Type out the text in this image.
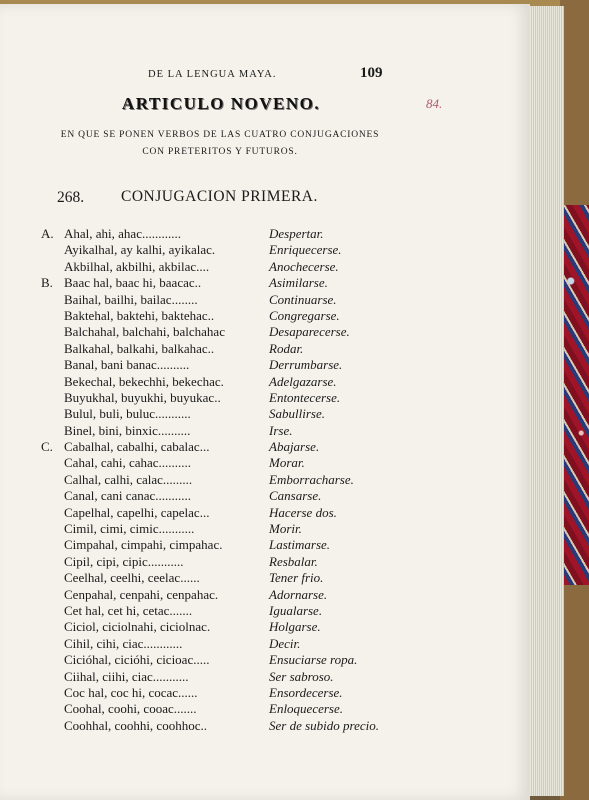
DE LA LENGUA MAYA.	109
84.
ARTICULO NOVENO.
EN QUE SE PONEN VERBOS DE LAS CUATRO CONJUGACIONES
CON PRETERITOS Y FUTUROS.
268. CONJUGACION PRIMERA.
A. Ahal, ahi, ahac............	Despertar.
Ayikalhal, ay kalhi, ayikalac.	Enriquecerse.
Akbilhal, akbilhi, akbilac....	Anochecerse.
B. Baac hal, baac hi, baacac..	Asimilarse.
Baihal, bailhi, bailac........	Continuarse.
Baktehal, baktehi, baktehac..	Congregarse.
Balchahal, balchahi, balchahac	Desaparecerse.
Balkahal, balkahi, balkahac..	Rodar.
Banal, bani banac..........	Derrumbarse.
Bekechal, bekechhi, bekechac.	Adelgazarse.
Buyukhal, buyukhi, buyukac..	Entontecerse.
Bulul, buli, buluc...........	Sabullirse.
Binel, bini, binxic..........	Irse.
C. Cabalhal, cabalhi, cabalac...	Abajarse.
Cahal, cahi, cahac..........	Morar.
Calhal, calhi, calac.........	Emborracharse.
Canal, cani canac...........	Cansarse.
Capelhal, capelhi, capelac...	Hacerse dos.
Cimil, cimi, cimic...........	Morir.
Cimpahal, cimpahi, cimpahac.	Lastimarse.
Cipil, cipi, cipic...........	Resbalar.
Ceelhal, ceelhi, ceelac......	Tener frio.
Cenpahal, cenpahi, cenpahac.	Adornarse.
Cet hal, cet hi, cetac.......	Igualarse.
Ciciol, ciciolnahi, ciciolnac.	Holgarse.
Cihil, cihi, ciac............	Decir.
Cicióhal, cicióhi, cicioac.....	Ensuciarse ropa.
Ciihal, ciihi, ciac...........	Ser sabroso.
Coc hal, coc hi, cocac......	Ensordecerse.
Coohal, coohi, cooac.......	Enloquecerse.
Coohhal, coohhi, coohhoc..	Ser de subido precio.
